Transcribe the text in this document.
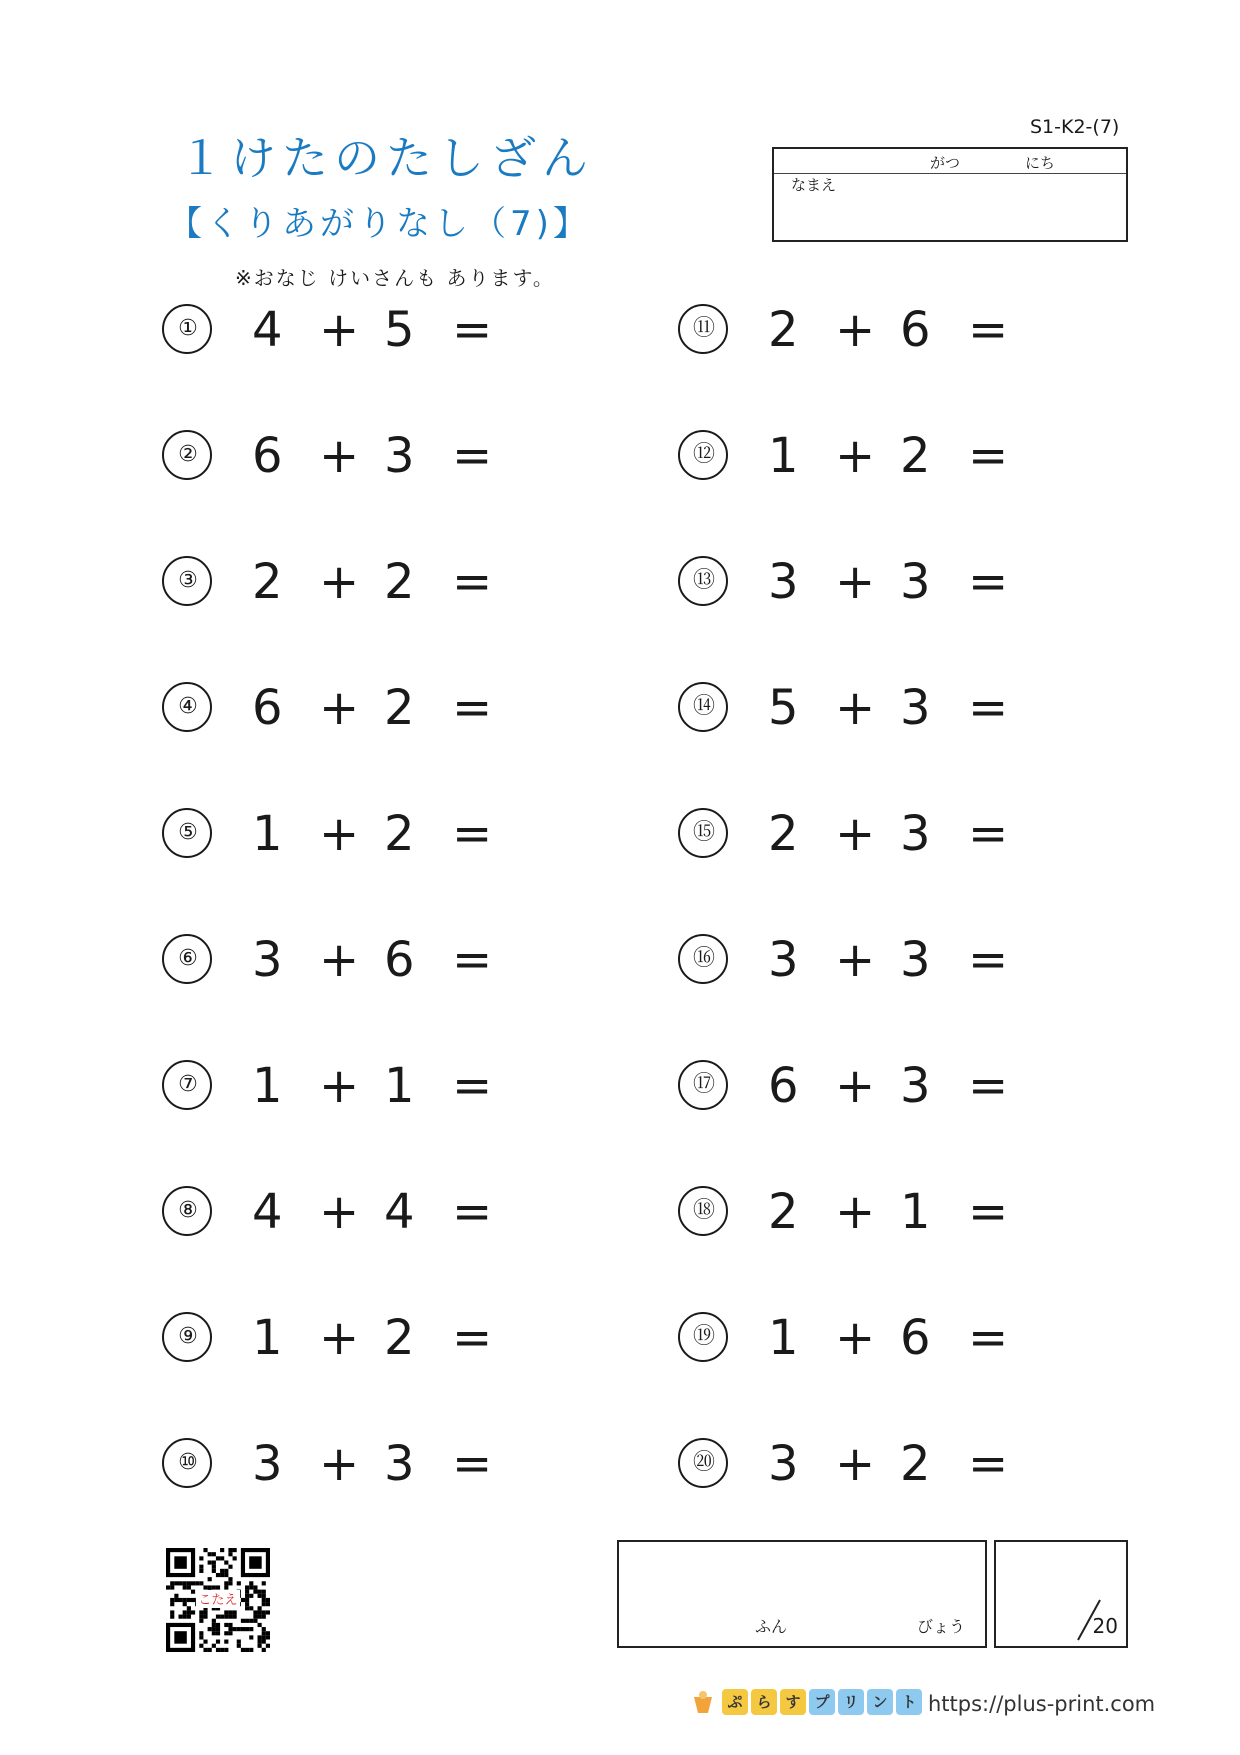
１けたのたしざん
【くりあがりなし（7)】
※おなじ けいさんも あります。
S1-K2-(7)
がつ	にち
なまえ
①	4 + 5 =
②	6 + 3 =
③	2 + 2 =
④	6 + 2 =
⑤	1 + 2 =
⑥	3 + 6 =
⑦	1 + 1 =
⑧	4 + 4 =
⑨	1 + 2 =
⑩	3 + 3 =
⑪	2 + 6 =
⑫	1 + 2 =
⑬	3 + 3 =
⑭	5 + 3 =
⑮	2 + 3 =
⑯	3 + 3 =
⑰	6 + 3 =
⑱	2 + 1 =
⑲	1 + 6 =
⑳	3 + 2 =
こたえ
ふん	びょう	20
ぷ ら す プ リ ン ト https://plus-print.com
